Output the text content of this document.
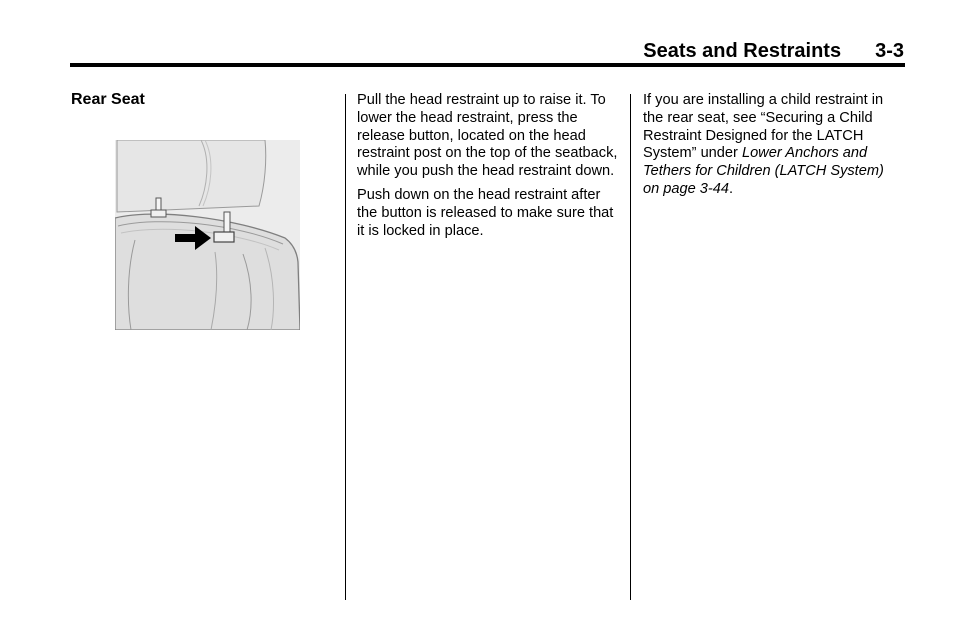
Seats and Restraints 3-3
Rear Seat	Pull the head restraint up to raise it. To lower the head restraint, press the release button, located on the head restraint post on the top of the seatback, while you push the head restraint down.

Push down on the head restraint after the button is released to make sure that it is locked in place.

If you are installing a child restraint in the rear seat, see “Securing a Child Restraint Designed for the LATCH System” under Lower Anchors and Tethers for Children (LATCH System) on page 3-44.
